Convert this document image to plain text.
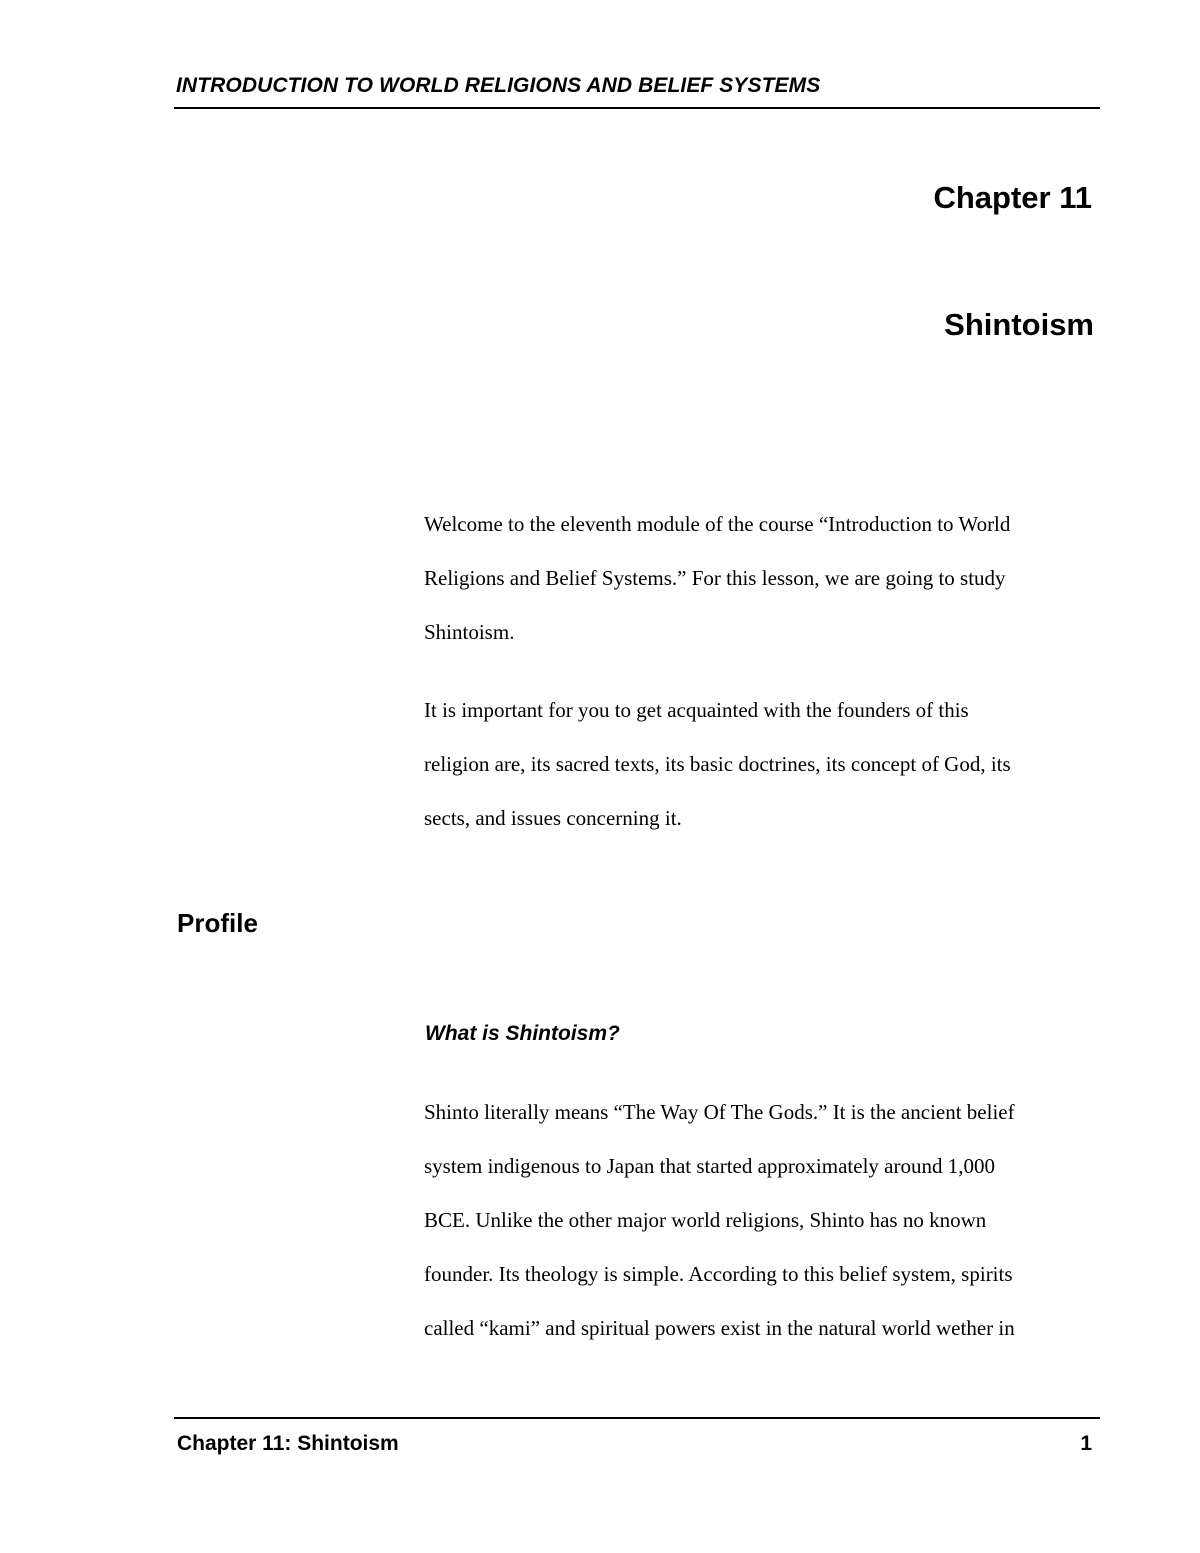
INTRODUCTION TO WORLD RELIGIONS AND BELIEF SYSTEMS
Chapter 11
Shintoism

Welcome to the eleventh module of the course “Introduction to World
Religions and Belief Systems.” For this lesson, we are going to study
Shintoism.

It is important for you to get acquainted with the founders of this
religion are, its sacred texts, its basic doctrines, its concept of God, its
sects, and issues concerning it.

Profile
What is Shintoism?

Shinto literally means “The Way Of The Gods.” It is the ancient belief
system indigenous to Japan that started approximately around 1,000
BCE. Unlike the other major world religions, Shinto has no known
founder. Its theology is simple. According to this belief system, spirits
called “kami” and spiritual powers exist in the natural world wether in

Chapter 11: Shintoism	1
